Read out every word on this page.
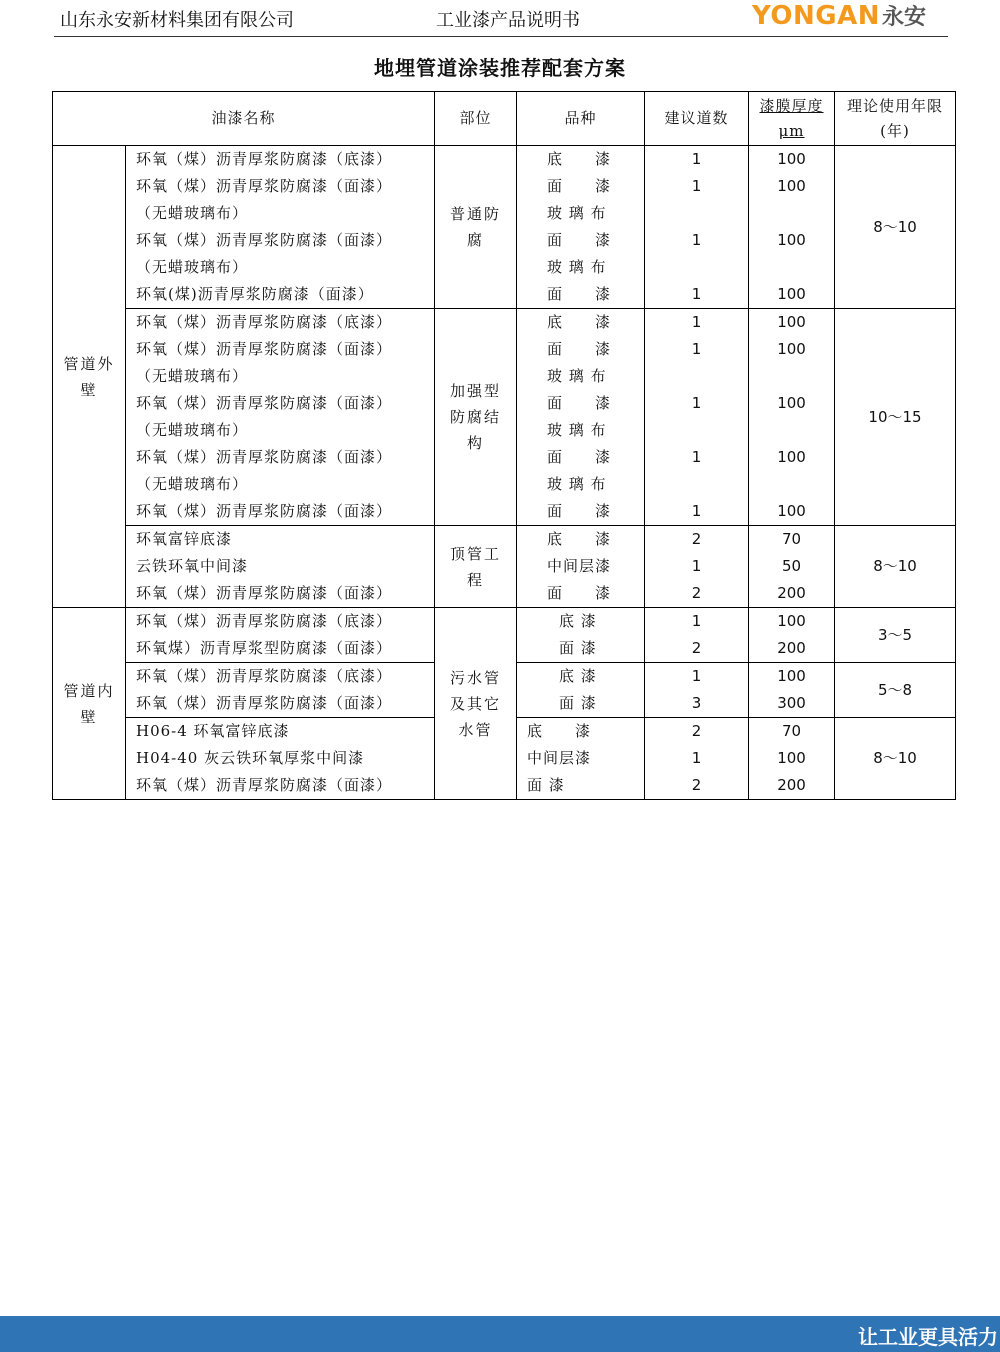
山东永安新材料集团有限公司	工业漆产品说明书	YONGAN永安
地埋管道涂装推荐配套方案
油漆名称		部位	品种	建议道数	漆膜厚度 μm	理论使用年限(年)
管道外壁	环氧（煤）沥青厚浆防腐漆（底漆）	普通防腐	底　　漆	1	100	8～10
	环氧（煤）沥青厚浆防腐漆（面漆）		面　　漆	1	100	
	（无蜡玻璃布）		玻 璃 布			
	环氧（煤）沥青厚浆防腐漆（面漆）		面　　漆	1	100	
	（无蜡玻璃布）		玻 璃 布			
	环氧(煤)沥青厚浆防腐漆（面漆）		面　　漆	1	100	
	环氧（煤）沥青厚浆防腐漆（底漆）	加强型防腐结构	底　　漆	1	100	10～15
	环氧（煤）沥青厚浆防腐漆（面漆）		面　　漆	1	100	
	（无蜡玻璃布）		玻 璃 布			
	环氧（煤）沥青厚浆防腐漆（面漆）		面　　漆	1	100	
	（无蜡玻璃布）		玻 璃 布			
	环氧（煤）沥青厚浆防腐漆（面漆）		面　　漆	1	100	
	（无蜡玻璃布）		玻 璃 布			
	环氧（煤）沥青厚浆防腐漆（面漆）		面　　漆	1	100	
	环氧富锌底漆	顶管工程	底　　漆	2	70	8～10
	云铁环氧中间漆		中间层漆	1	50	
	环氧（煤）沥青厚浆防腐漆（面漆）		面　　漆	2	200	
管道内壁	环氧（煤）沥青厚浆防腐漆（底漆）	污水管及其它水管	底 漆	1	100	3～5
	环氧煤）沥青厚浆型防腐漆（面漆）		面 漆	2	200	
	环氧（煤）沥青厚浆防腐漆（底漆）		底 漆	1	100	5～8
	环氧（煤）沥青厚浆防腐漆（面漆）		面 漆	3	300	
	H06-4 环氧富锌底漆		底　　漆	2	70	8～10
	H04-40 灰云铁环氧厚浆中间漆		中间层漆	1	100	
	环氧（煤）沥青厚浆防腐漆（面漆）		面 漆	2	200	
让工业更具活力
